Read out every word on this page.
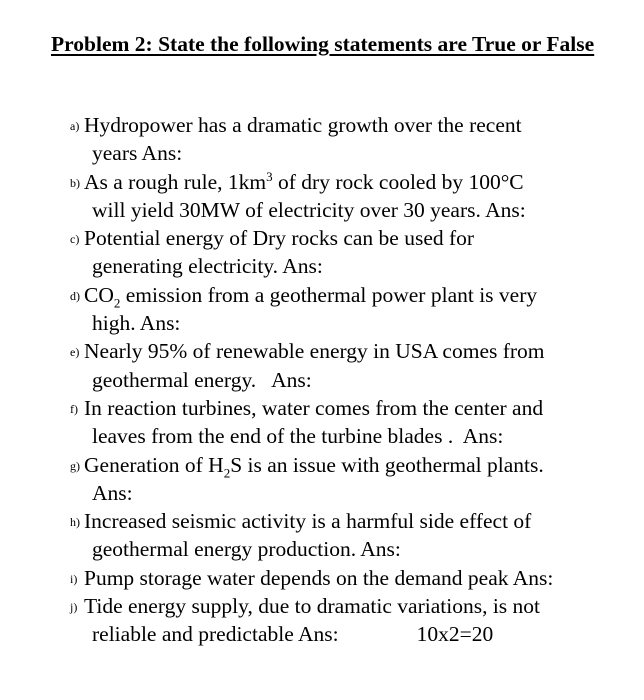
Problem 2: State the following statements are True or False
a) Hydropower has a dramatic growth over the recent
years Ans:
b) As a rough rule, $1km^3$ of dry rock cooled by 100°C
will yield 30MW of electricity over 30 years. Ans:
c) Potential energy of Dry rocks can be used for
generating electricity. Ans:
d) $CO_2$ emission from a geothermal power plant is very
high. Ans:
e) Nearly 95% of renewable energy in USA comes from
geothermal energy.   Ans:
f) In reaction turbines, water comes from the center and
leaves from the end of the turbine blades .  Ans:
g) Generation of $H_2S$ is an issue with geothermal plants.
Ans:
h) Increased seismic activity is a harmful side effect of
geothermal energy production. Ans:
i) Pump storage water depends on the demand peak Ans:
j) Tide energy supply, due to dramatic variations, is not
reliable and predictable Ans:	10x2=20
